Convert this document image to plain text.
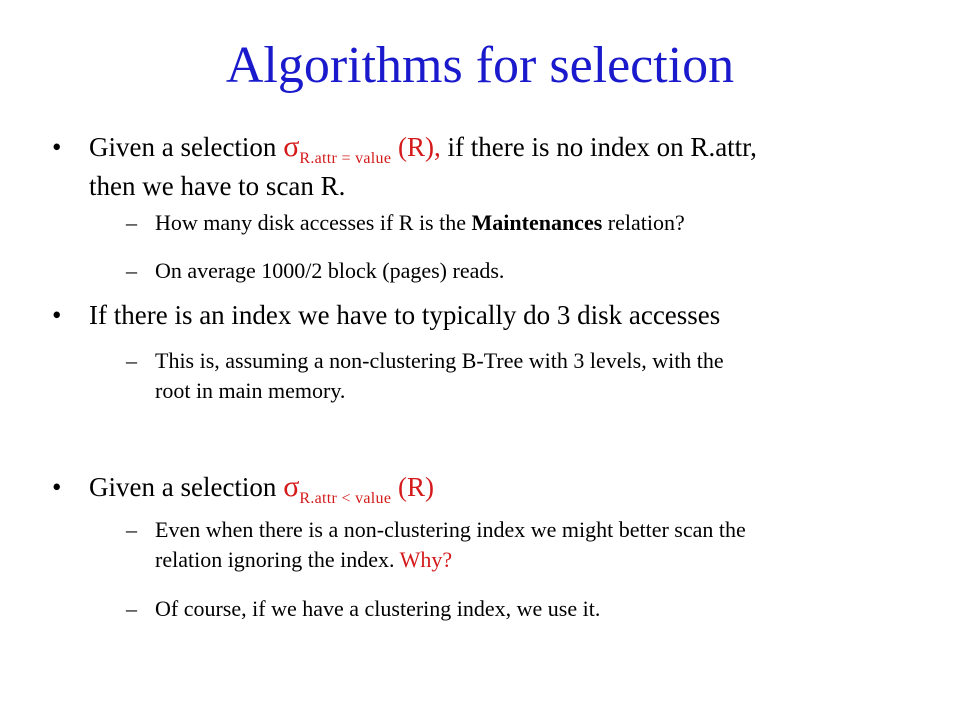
Algorithms for selection
•	Given a selection $\sigma_{R.attr = value}$ (R), if there is no index on R.attr,
then we have to scan R.
– How many disk accesses if R is the Maintenances relation?
– On average 1000/2 block (pages) reads.
•	If there is an index we have to typically do 3 disk accesses
– This is, assuming a non-clustering B-Tree with 3 levels, with the
root in main memory.
•	Given a selection $\sigma_{R.attr < value}$ (R)
– Even when there is a non-clustering index we might better scan the
relation ignoring the index. Why?
– Of course, if we have a clustering index, we use it.
